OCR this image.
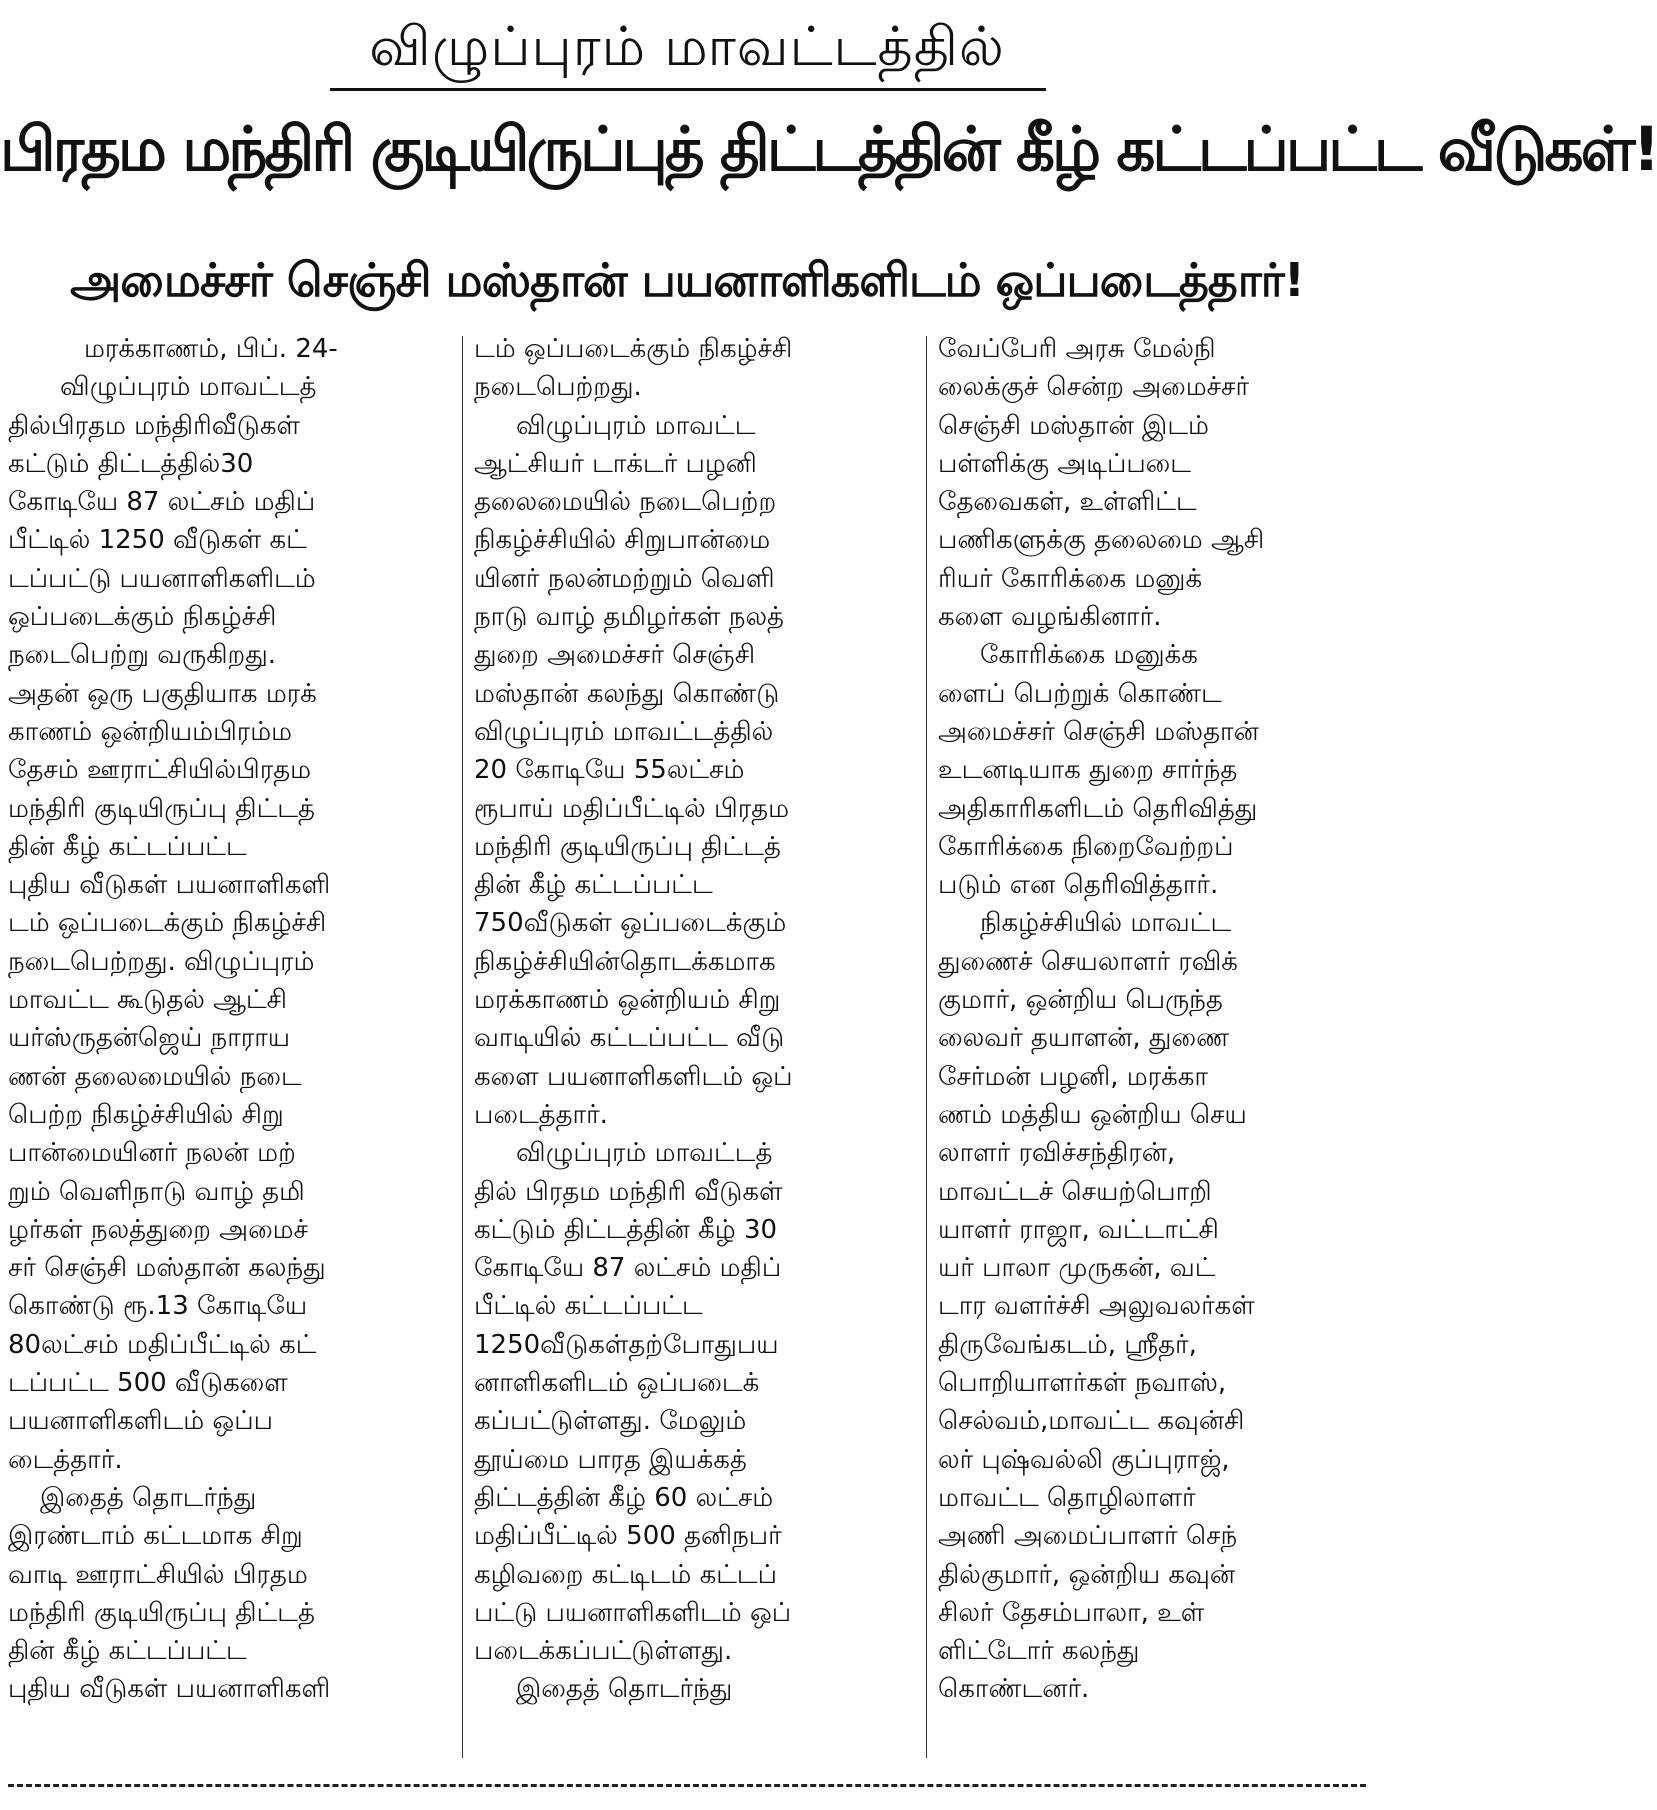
விழுப்புரம் மாவட்டத்தில்
பிரதம மந்திரி குடியிருப்புத் திட்டத்தின் கீழ் கட்டப்பட்ட வீடுகள்!
அமைச்சர் செஞ்சி மஸ்தான் பயனாளிகளிடம் ஒப்படைத்தார்!
மரக்காணம், பிப். 24-
விழுப்புரம் மாவட்டத்
தில்பிரதம மந்திரிவீடுகள்
கட்டும் திட்டத்தில்30
கோடியே 87 லட்சம் மதிப்
பீட்டில் 1250 வீடுகள் கட்
டப்பட்டு பயனாளிகளிடம்
ஒப்படைக்கும் நிகழ்ச்சி
நடைபெற்று வருகிறது.
அதன் ஒரு பகுதியாக மரக்
காணம் ஒன்றியம்பிரம்ம
தேசம் ஊராட்சியில்பிரதம
மந்திரி குடியிருப்பு திட்டத்
தின் கீழ் கட்டப்பட்ட
புதிய வீடுகள் பயனாளிகளி
டம் ஒப்படைக்கும் நிகழ்ச்சி
நடைபெற்றது. விழுப்புரம்
மாவட்ட கூடுதல் ஆட்சி
யர்ஸ்ருதன்ஜெய் நாராய
ணன் தலைமையில் நடை
பெற்ற நிகழ்ச்சியில் சிறு
பான்மையினர் நலன் மற்
றும் வெளிநாடு வாழ் தமி
ழர்கள் நலத்துறை அமைச்
சர் செஞ்சி மஸ்தான் கலந்து
கொண்டு ரூ.13 கோடியே
80லட்சம் மதிப்பீட்டில் கட்
டப்பட்ட 500 வீடுகளை
பயனாளிகளிடம் ஒப்ப
டைத்தார்.
இதைத் தொடர்ந்து
இரண்டாம் கட்டமாக சிறு
வாடி ஊராட்சியில் பிரதம
மந்திரி குடியிருப்பு திட்டத்
தின் கீழ் கட்டப்பட்ட
புதிய வீடுகள் பயனாளிகளி
டம் ஒப்படைக்கும் நிகழ்ச்சி
நடைபெற்றது.
விழுப்புரம் மாவட்ட
ஆட்சியர் டாக்டர் பழனி
தலைமையில் நடைபெற்ற
நிகழ்ச்சியில் சிறுபான்மை
யினர் நலன்மற்றும் வெளி
நாடு வாழ் தமிழர்கள் நலத்
துறை அமைச்சர் செஞ்சி
மஸ்தான் கலந்து கொண்டு
விழுப்புரம் மாவட்டத்தில்
20 கோடியே 55லட்சம்
ரூபாய் மதிப்பீட்டில் பிரதம
மந்திரி குடியிருப்பு திட்டத்
தின் கீழ் கட்டப்பட்ட
750வீடுகள் ஒப்படைக்கும்
நிகழ்ச்சியின்தொடக்கமாக
மரக்காணம் ஒன்றியம் சிறு
வாடியில் கட்டப்பட்ட வீடு
களை பயனாளிகளிடம் ஒப்
படைத்தார்.
விழுப்புரம் மாவட்டத்
தில் பிரதம மந்திரி வீடுகள்
கட்டும் திட்டத்தின் கீழ் 30
கோடியே 87 லட்சம் மதிப்
பீட்டில் கட்டப்பட்ட
1250வீடுகள்தற்போதுபய
னாளிகளிடம் ஒப்படைக்
கப்பட்டுள்ளது. மேலும்
தூய்மை பாரத இயக்கத்
திட்டத்தின் கீழ் 60 லட்சம்
மதிப்பீட்டில் 500 தனிநபர்
கழிவறை கட்டிடம் கட்டப்
பட்டு பயனாளிகளிடம் ஒப்
படைக்கப்பட்டுள்ளது.
இதைத் தொடர்ந்து
வேப்பேரி அரசு மேல்நி
லைக்குச் சென்ற அமைச்சர்
செஞ்சி மஸ்தான் இடம்
பள்ளிக்கு அடிப்படை
தேவைகள், உள்ளிட்ட
பணிகளுக்கு தலைமை ஆசி
ரியர் கோரிக்கை மனுக்
களை வழங்கினார்.
கோரிக்கை மனுக்க
ளைப் பெற்றுக் கொண்ட
அமைச்சர் செஞ்சி மஸ்தான்
உடனடியாக துறை சார்ந்த
அதிகாரிகளிடம் தெரிவித்து
கோரிக்கை நிறைவேற்றப்
படும் என தெரிவித்தார்.
நிகழ்ச்சியில் மாவட்ட
துணைச் செயலாளர் ரவிக்
குமார், ஒன்றிய பெருந்த
லைவர் தயாளன், துணை
சேர்மன் பழனி, மரக்கா
ணம் மத்திய ஒன்றிய செய
லாளர் ரவிச்சந்திரன்,
மாவட்டச் செயற்பொறி
யாளர் ராஜா, வட்டாட்சி
யர் பாலா முருகன், வட்
டார வளர்ச்சி அலுவலர்கள்
திருவேங்கடம், ஸ்ரீதர்,
பொறியாளர்கள் நவாஸ்,
செல்வம்,மாவட்ட கவுன்சி
லர் புஷ்வல்லி குப்புராஜ்,
மாவட்ட தொழிலாளர்
அணி அமைப்பாளர் செந்
தில்குமார், ஒன்றிய கவுன்
சிலர் தேசம்பாலா, உள்
ளிட்டோர் கலந்து
கொண்டனர்.
